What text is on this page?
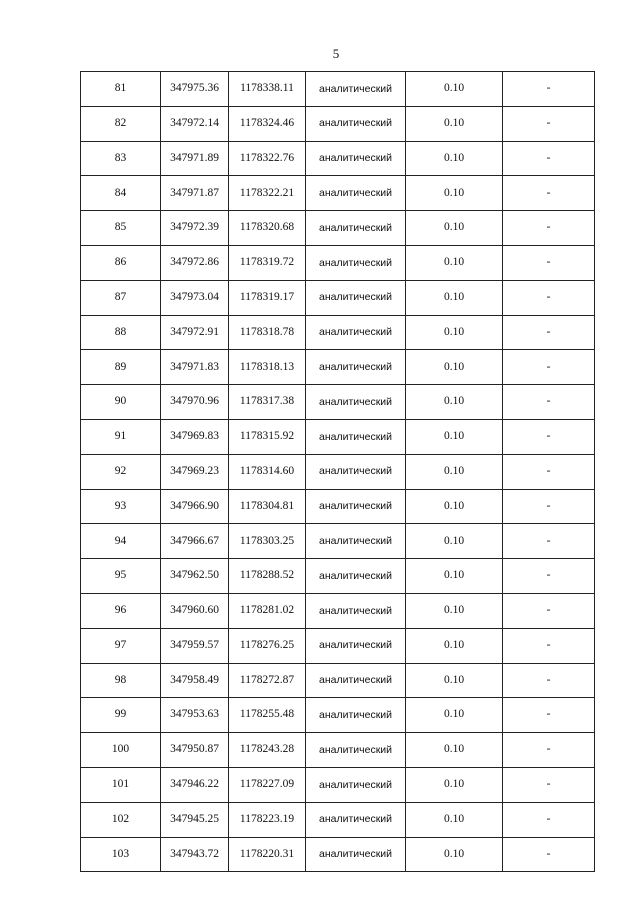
5
81	347975.36	1178338.11	аналитический	0.10	-
82	347972.14	1178324.46	аналитический	0.10	-
83	347971.89	1178322.76	аналитический	0.10	-
84	347971.87	1178322.21	аналитический	0.10	-
85	347972.39	1178320.68	аналитический	0.10	-
86	347972.86	1178319.72	аналитический	0.10	-
87	347973.04	1178319.17	аналитический	0.10	-
88	347972.91	1178318.78	аналитический	0.10	-
89	347971.83	1178318.13	аналитический	0.10	-
90	347970.96	1178317.38	аналитический	0.10	-
91	347969.83	1178315.92	аналитический	0.10	-
92	347969.23	1178314.60	аналитический	0.10	-
93	347966.90	1178304.81	аналитический	0.10	-
94	347966.67	1178303.25	аналитический	0.10	-
95	347962.50	1178288.52	аналитический	0.10	-
96	347960.60	1178281.02	аналитический	0.10	-
97	347959.57	1178276.25	аналитический	0.10	-
98	347958.49	1178272.87	аналитический	0.10	-
99	347953.63	1178255.48	аналитический	0.10	-
100	347950.87	1178243.28	аналитический	0.10	-
101	347946.22	1178227.09	аналитический	0.10	-
102	347945.25	1178223.19	аналитический	0.10	-
103	347943.72	1178220.31	аналитический	0.10	-
